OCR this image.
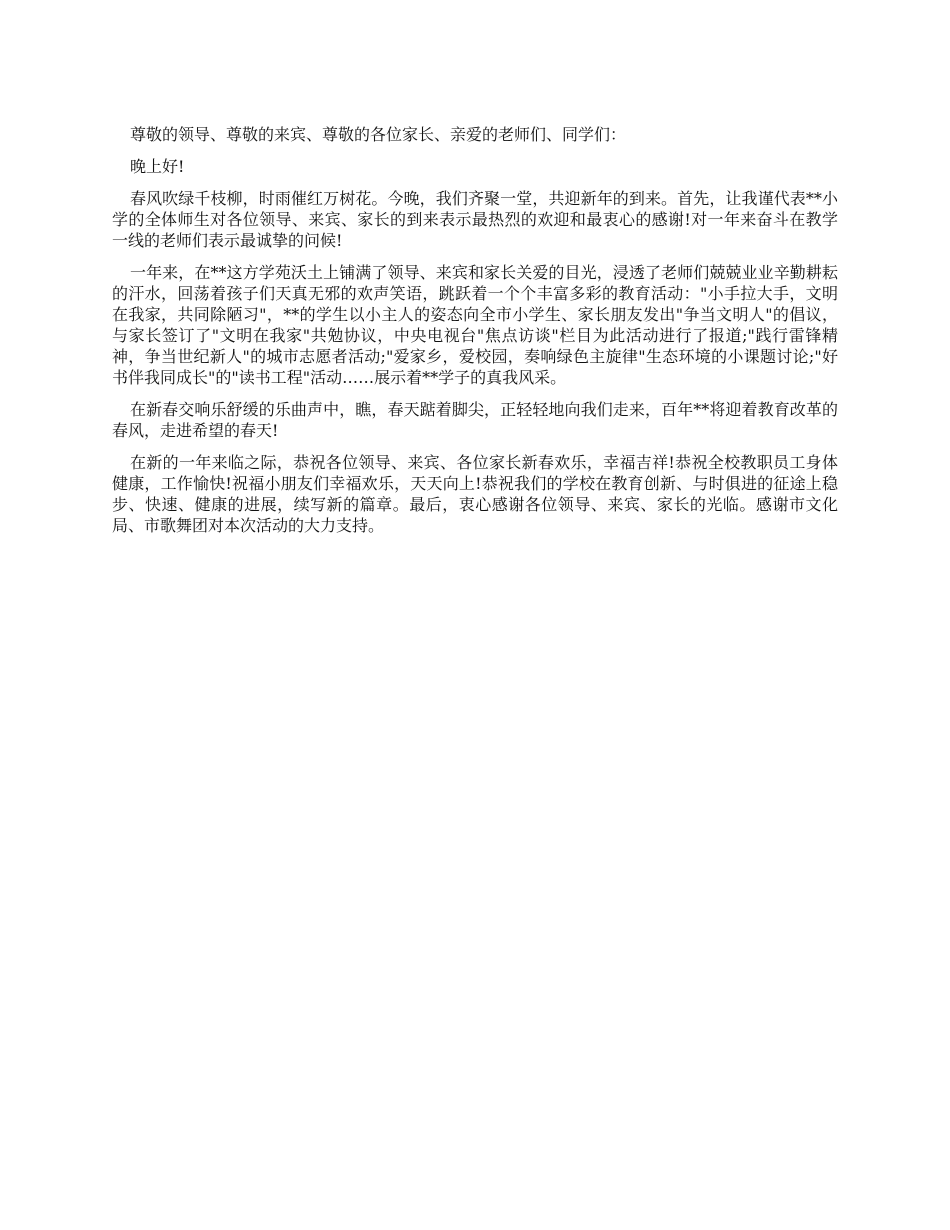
尊敬的领导、尊敬的来宾、尊敬的各位家长、亲爱的老师们、同学们：

晚上好!

春风吹绿千枝柳，时雨催红万树花。今晚，我们齐聚一堂，共迎新年的到来。首先，让我谨代表**小学的全体师生对各位领导、来宾、家长的到来表示最热烈的欢迎和最衷心的感谢!对一年来奋斗在教学一线的老师们表示最诚挚的问候!

一年来，在**这方学苑沃土上铺满了领导、来宾和家长关爱的目光，浸透了老师们兢兢业业辛勤耕耘的汗水，回荡着孩子们天真无邪的欢声笑语，跳跃着一个个丰富多彩的教育活动："小手拉大手，文明在我家，共同除陋习"，**的学生以小主人的姿态向全市小学生、家长朋友发出"争当文明人"的倡议，与家长签订了"文明在我家"共勉协议，中央电视台"焦点访谈"栏目为此活动进行了报道;"践行雷锋精神，争当世纪新人"的城市志愿者活动;"爱家乡，爱校园，奏响绿色主旋律"生态环境的小课题讨论;"好书伴我同成长"的"读书工程"活动……展示着**学子的真我风采。

在新春交响乐舒缓的乐曲声中，瞧，春天踮着脚尖，正轻轻地向我们走来，百年**将迎着教育改革的春风，走进希望的春天!

在新的一年来临之际，恭祝各位领导、来宾、各位家长新春欢乐，幸福吉祥!恭祝全校教职员工身体健康，工作愉快!祝福小朋友们幸福欢乐，天天向上!恭祝我们的学校在教育创新、与时俱进的征途上稳步、快速、健康的进展，续写新的篇章。最后，衷心感谢各位领导、来宾、家长的光临。感谢市文化局、市歌舞团对本次活动的大力支持。
